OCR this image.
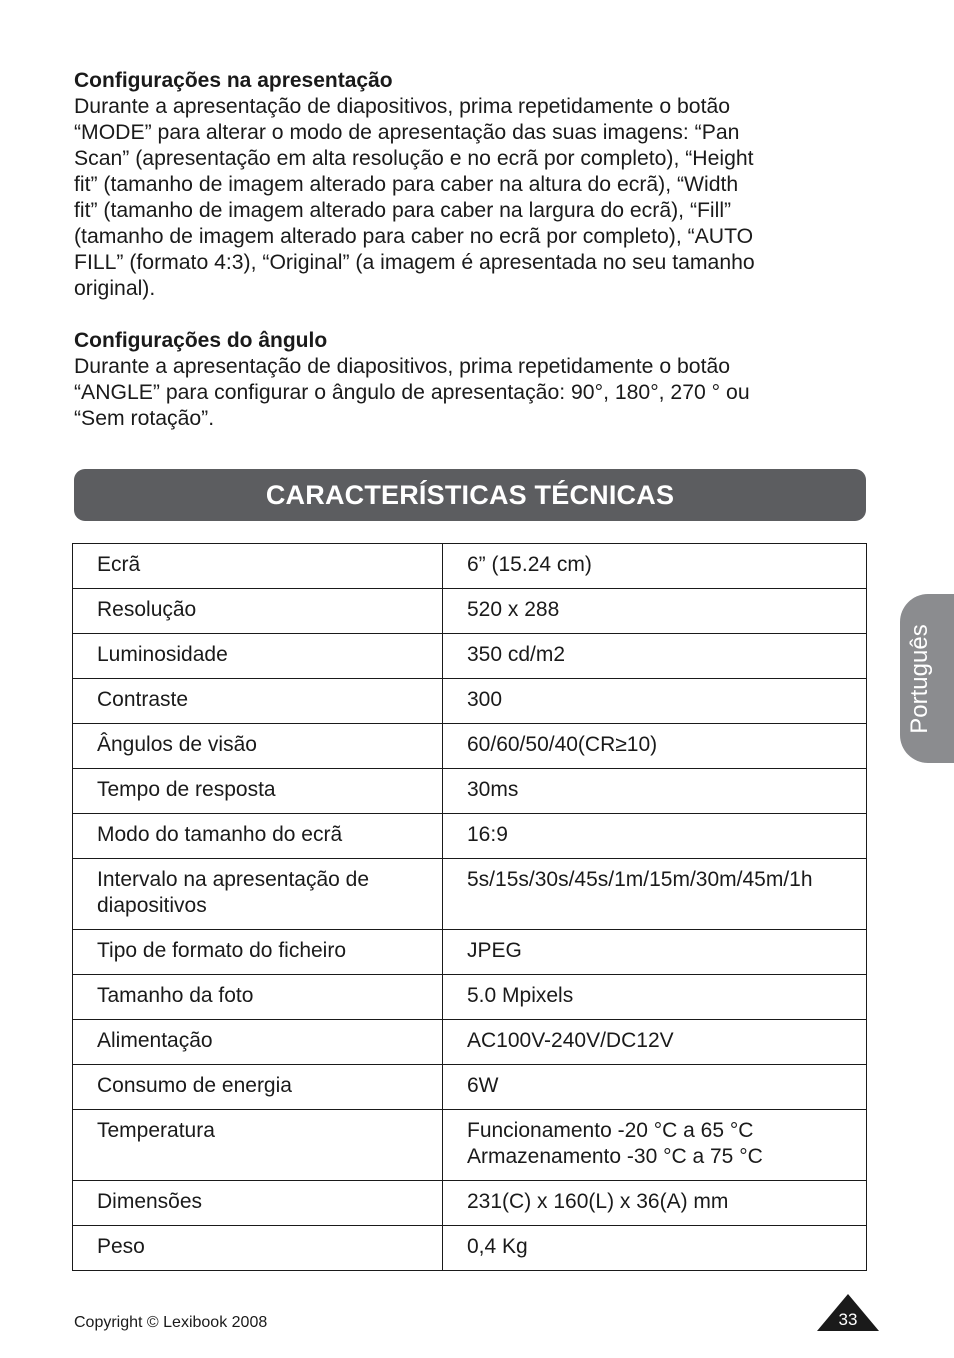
Configurações na apresentação

Durante a apresentação de diapositivos, prima repetidamente o botão
“MODE” para alterar o modo de apresentação das suas imagens: “Pan
Scan” (apresentação em alta resolução e no ecrã por completo), “Height
fit” (tamanho de imagem alterado para caber na altura do ecrã), “Width
fit” (tamanho de imagem alterado para caber na largura do ecrã), “Fill”
(tamanho de imagem alterado para caber no ecrã por completo), “AUTO
FILL” (formato 4:3), “Original” (a imagem é apresentada no seu tamanho
original).

Configurações do ângulo

Durante a apresentação de diapositivos, prima repetidamente o botão
“ANGLE” para configurar o ângulo de apresentação: 90°, 180°, 270 ° ou
“Sem rotação”.

CARACTERÍSTICAS TÉCNICAS
Ecrã	6” (15.24 cm)
Resolução	520 x 288
Luminosidade	350 cd/m2
Contraste	300
Ângulos de visão	60/60/50/40(CR≥10)
Tempo de resposta	30ms
Modo do tamanho do ecrã	16:9
Intervalo na apresentação de
diapositivos	5s/15s/30s/45s/1m/15m/30m/45m/1h
Tipo de formato do ficheiro	JPEG
Tamanho da foto	5.0 Mpixels
Alimentação	AC100V-240V/DC12V
Consumo de energia	6W
Temperatura	Funcionamento -20 °C a 65 °C
Armazenamento -30 °C a 75 °C
Dimensões	231(C) x 160(L) x 36(A) mm
Peso	0,4 Kg
Português
Copyright © Lexibook 2008	33
